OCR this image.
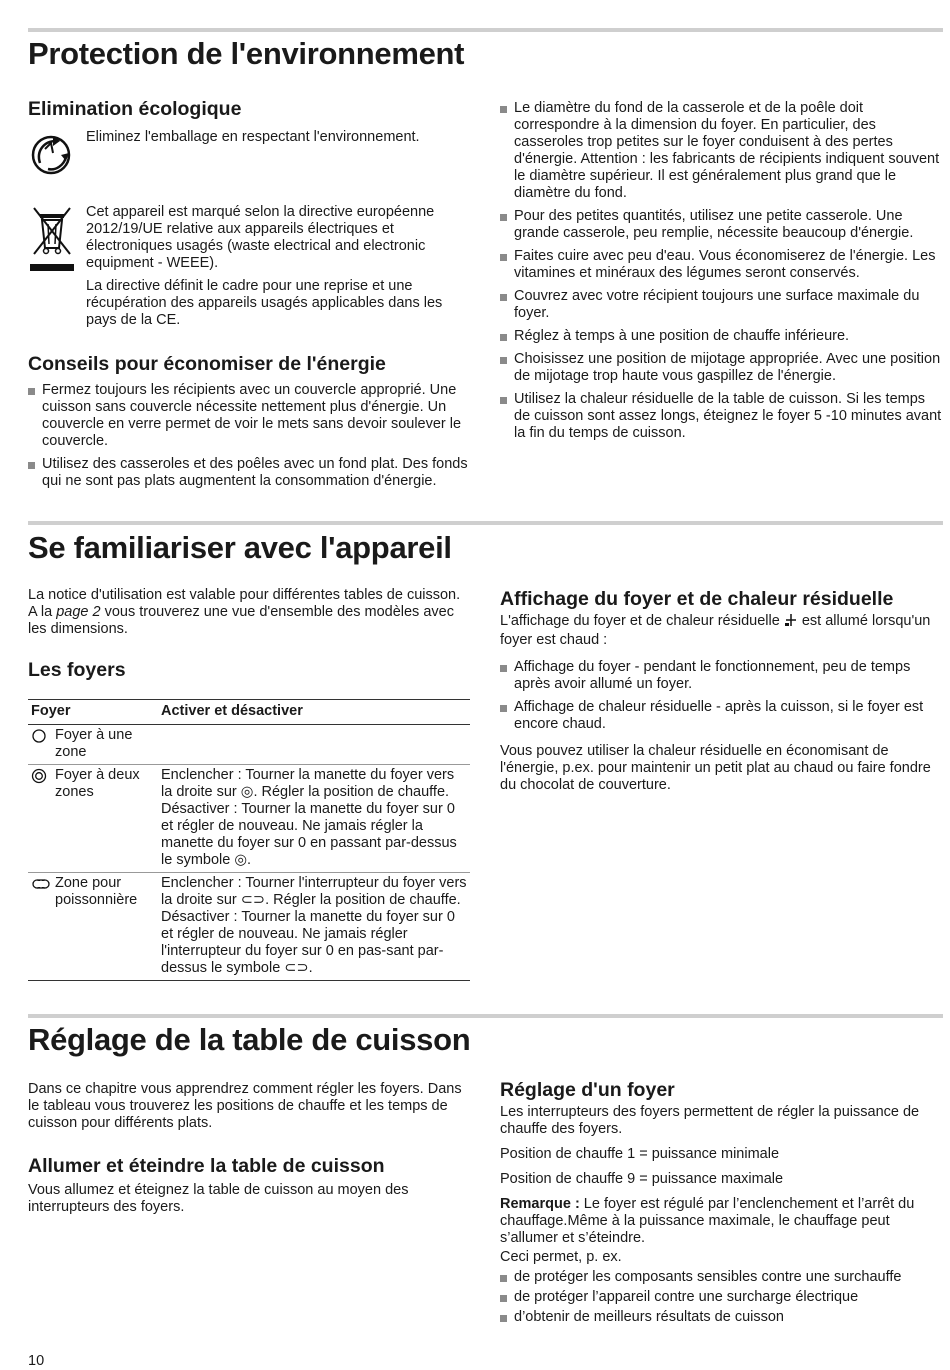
Protection de l'environnement
Elimination écologique

Eliminez l'emballage en respectant l'environnement.

Cet appareil est marqué selon la directive européenne 2012/19/UE relative aux appareils électriques et électroniques usagés (waste electrical and electronic equipment - WEEE).

La directive définit le cadre pour une reprise et une récupération des appareils usagés applicables dans les pays de la CE.

Conseils pour économiser de l'énergie
Fermez toujours les récipients avec un couvercle approprié. Une cuisson sans couvercle nécessite nettement plus d'énergie. Un couvercle en verre permet de voir le mets sans devoir soulever le couvercle.
Utilisez des casseroles et des poêles avec un fond plat. Des fonds qui ne sont pas plats augmentent la consommation d'énergie.
Le diamètre du fond de la casserole et de la poêle doit correspondre à la dimension du foyer. En particulier, des casseroles trop petites sur le foyer conduisent à des pertes d'énergie. Attention : les fabricants de récipients indiquent souvent le diamètre supérieur. Il est généralement plus grand que le diamètre du fond.
Pour des petites quantités, utilisez une petite casserole. Une grande casserole, peu remplie, nécessite beaucoup d'énergie.
Faites cuire avec peu d'eau. Vous économiserez de l'énergie. Les vitamines et minéraux des légumes seront conservés.
Couvrez avec votre récipient toujours une surface maximale du foyer.
Réglez à temps à une position de chauffe inférieure.
Choisissez une position de mijotage appropriée. Avec une position de mijotage trop haute vous gaspillez de l'énergie.
Utilisez la chaleur résiduelle de la table de cuisson. Si les temps de cuisson sont assez longs, éteignez le foyer 5 -10 minutes avant la fin du temps de cuisson.
Se familiariser avec l'appareil

La notice d'utilisation est valable pour différentes tables de cuisson. A la page 2 vous trouverez une vue d'ensemble des modèles avec les dimensions.

Les foyers
Foyer	Activer et désactiver

Foyer à une zone	

Foyer à deux zones	Enclencher : Tourner la manette du foyer vers la droite sur ◎. Régler la position de chauffe. Désactiver : Tourner la manette du foyer sur 0 et régler de nouveau. Ne jamais régler la manette du foyer sur 0 en passant par-dessus le symbole ◎.

Zone pour poissonnière	Enclencher : Tourner l'interrupteur du foyer vers la droite sur ⊂⊃. Régler la position de chauffe. Désactiver : Tourner la manette du foyer sur 0 et régler de nouveau. Ne jamais régler l'interrupteur du foyer sur 0 en pas-sant par-dessus le symbole ⊂⊃.
Affichage du foyer et de chaleur résiduelle

L'affichage du foyer et de chaleur résiduelle  est allumé lorsqu'un foyer est chaud :

Affichage du foyer - pendant le fonctionnement, peu de temps après avoir allumé un foyer.
Affichage de chaleur résiduelle - après la cuisson, si le foyer est encore chaud.

Vous pouvez utiliser la chaleur résiduelle en économisant de l'énergie, p.ex. pour maintenir un petit plat au chaud ou faire fondre du chocolat de couverture.

Réglage de la table de cuisson

Dans ce chapitre vous apprendrez comment régler les foyers. Dans le tableau vous trouverez les positions de chauffe et les temps de cuisson pour différents plats.

Allumer et éteindre la table de cuisson

Vous allumez et éteignez la table de cuisson au moyen des interrupteurs des foyers.

Réglage d'un foyer

Les interrupteurs des foyers permettent de régler la puissance de chauffe des foyers.

Position de chauffe 1 = puissance minimale

Position de chauffe 9 = puissance maximale

Remarque : Le foyer est régulé par l’enclenchement et l’arrêt du chauffage.Même à la puissance maximale, le chauffage peut s’allumer et s’éteindre.

Ceci permet, p. ex.

de protéger les composants sensibles contre une surchauffe
de protéger l’appareil contre une surcharge électrique
d’obtenir de meilleurs résultats de cuisson
10
